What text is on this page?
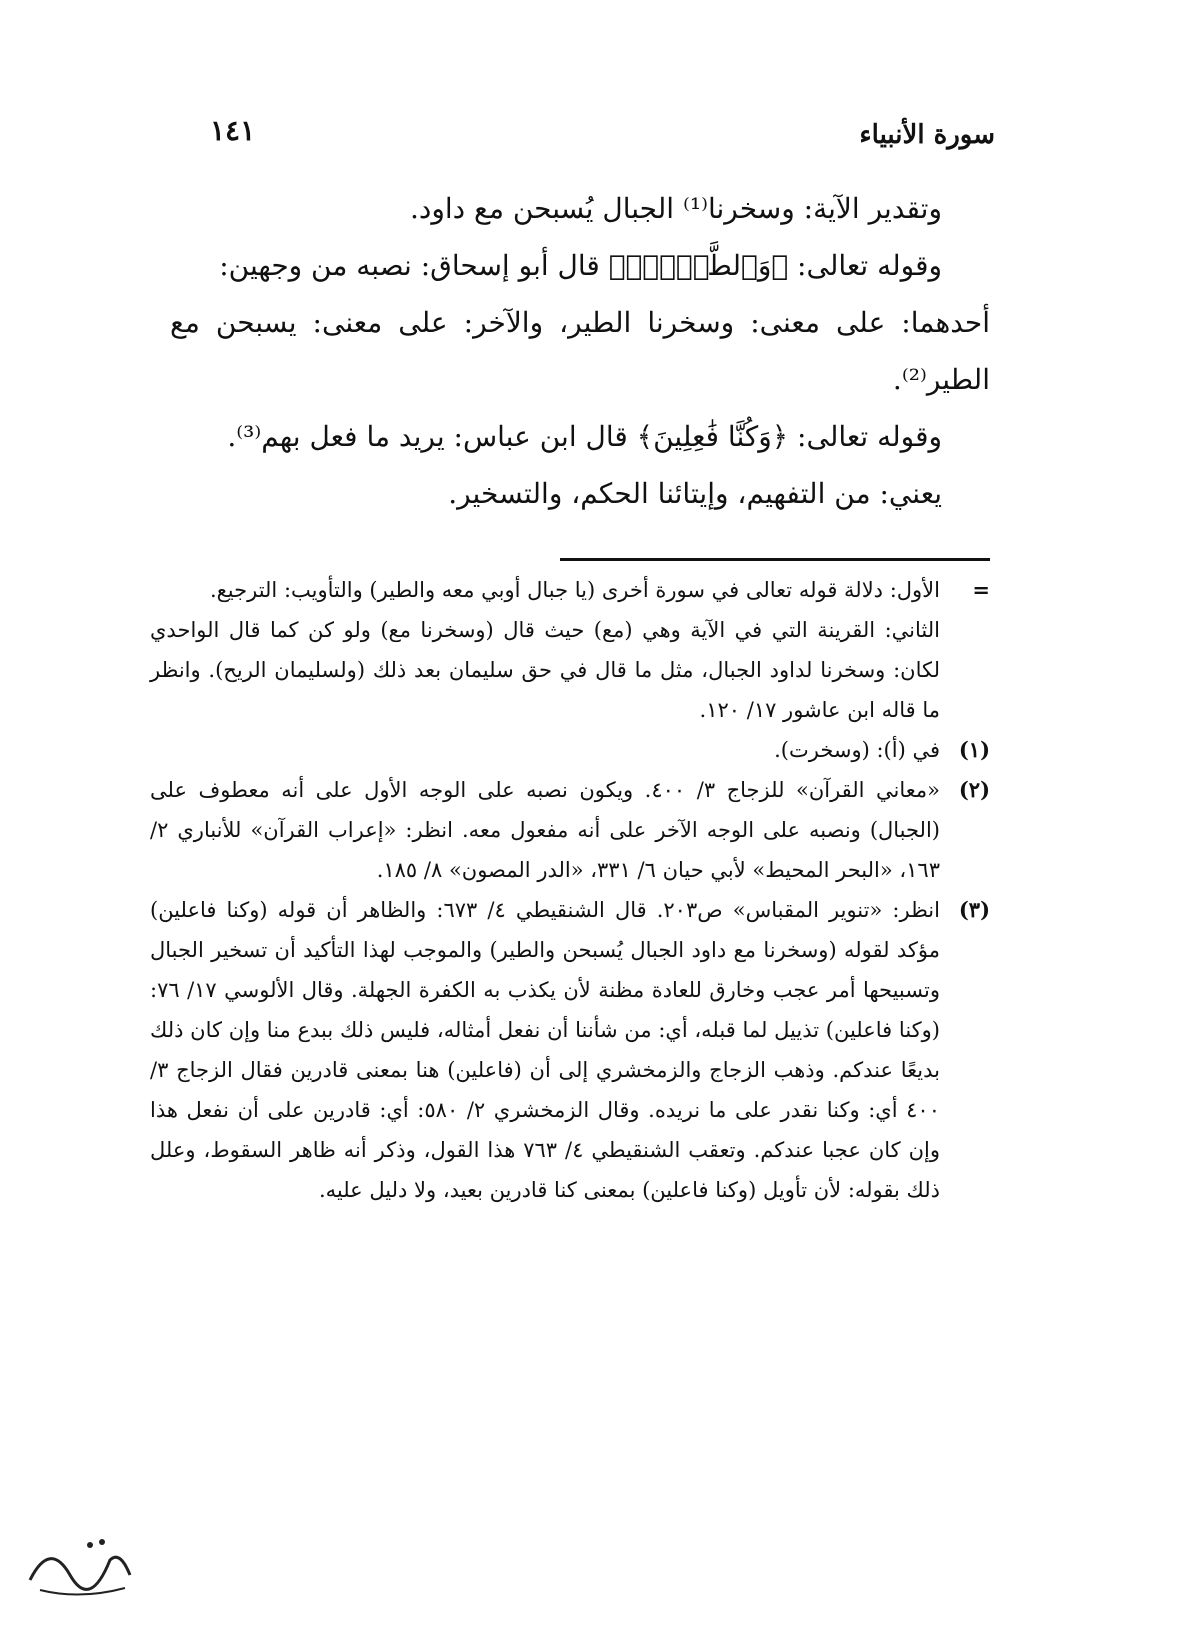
سورة الأنبياء
١٤١

وتقدير الآية: وسخرنا⁽¹⁾ الجبال يُسبحن مع داود.

وقوله تعالى: ﴿وَٱلطَّيۡرَۚ﴾ قال أبو إسحاق: نصبه من وجهين:

أحدهما: على معنى: وسخرنا الطير، والآخر: على معنى: يسبحن مع الطير⁽²⁾.

وقوله تعالى: ﴿وَكُنَّا فَٰعِلِينَ﴾ قال ابن عباس: يريد ما فعل بهم⁽³⁾.

يعني: من التفهيم، وإيتائنا الحكم، والتسخير.

=
الأول: دلالة قوله تعالى في سورة أخرى (يا جبال أوبي معه والطير) والتأويب: الترجيع.
الثاني: القرينة التي في الآية وهي (مع) حيث قال (وسخرنا مع) ولو كن كما قال الواحدي لكان: وسخرنا لداود الجبال، مثل ما قال في حق سليمان بعد ذلك (ولسليمان الريح). وانظر ما قاله ابن عاشور ١٧/ ١٢٠.
(١)
في (أ): (وسخرت).
(٢)
«معاني القرآن» للزجاج ٣/ ٤٠٠. ويكون نصبه على الوجه الأول على أنه معطوف على (الجبال) ونصبه على الوجه الآخر على أنه مفعول معه. انظر: «إعراب القرآن» للأنباري ٢/ ١٦٣، «البحر المحيط» لأبي حيان ٦/ ٣٣١، «الدر المصون» ٨/ ١٨٥.
(٣)
انظر: «تنوير المقباس» ص٢٠٣. قال الشنقيطي ٤/ ٦٧٣: والظاهر أن قوله (وكنا فاعلين) مؤكد لقوله (وسخرنا مع داود الجبال يُسبحن والطير) والموجب لهذا التأكيد أن تسخير الجبال وتسبيحها أمر عجب وخارق للعادة مظنة لأن يكذب به الكفرة الجهلة. وقال الألوسي ١٧/ ٧٦: (وكنا فاعلين) تذييل لما قبله، أي: من شأننا أن نفعل أمثاله، فليس ذلك ببدع منا وإن كان ذلك بديعًا عندكم. وذهب الزجاج والزمخشري إلى أن (فاعلين) هنا بمعنى قادرين فقال الزجاج ٣/ ٤٠٠ أي: وكنا نقدر على ما نريده. وقال الزمخشري ٢/ ٥٨٠: أي: قادرين على أن نفعل هذا وإن كان عجبا عندكم. وتعقب الشنقيطي ٤/ ٧٦٣ هذا القول، وذكر أنه ظاهر السقوط، وعلل ذلك بقوله: لأن تأويل (وكنا فاعلين) بمعنى كنا قادرين بعيد، ولا دليل عليه.
